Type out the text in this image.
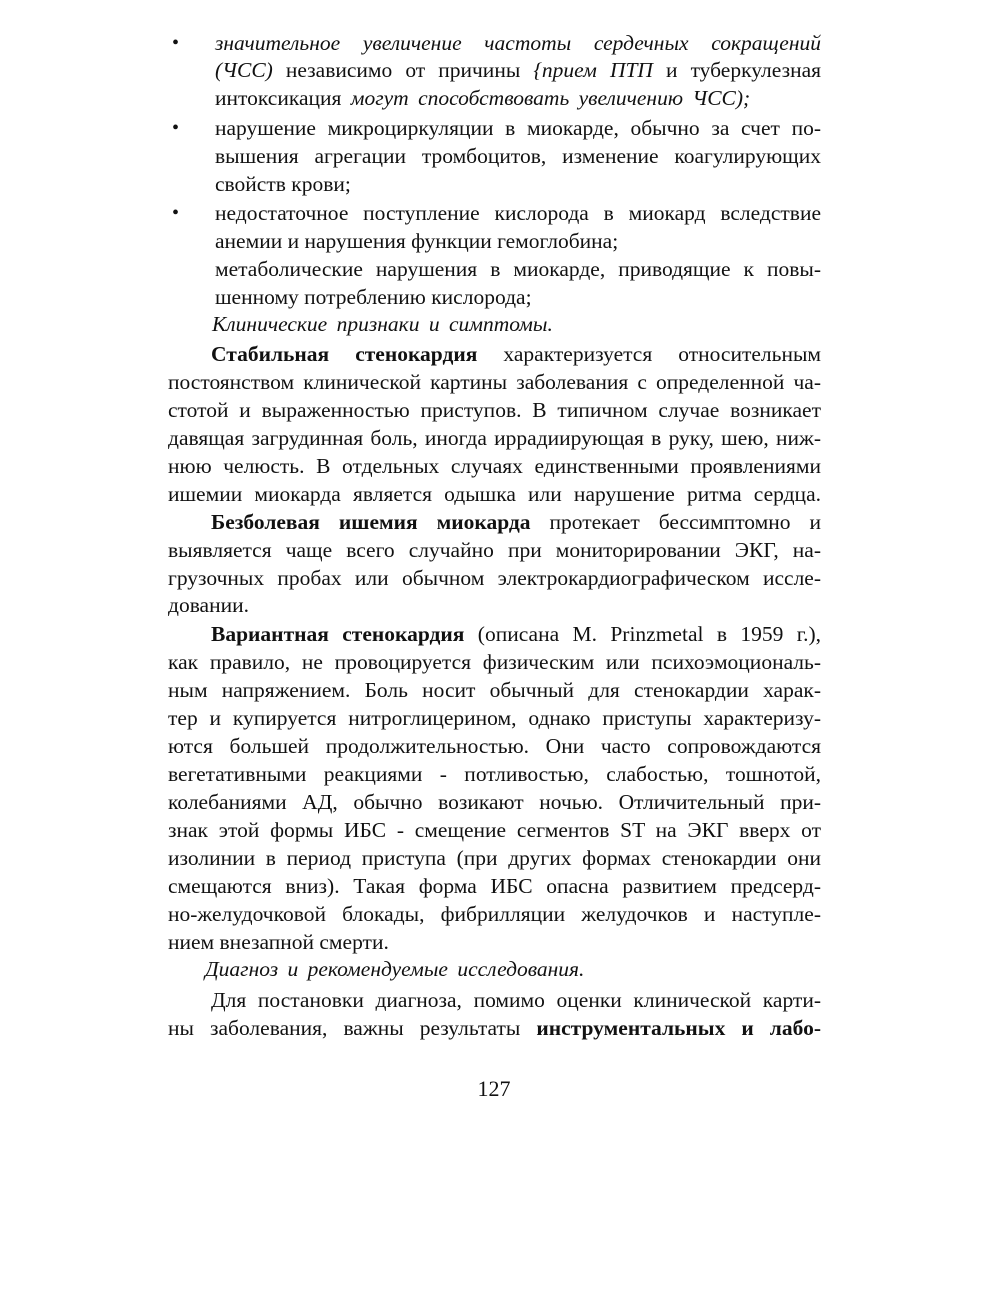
• значительное увеличение частоты сердечных сокращений
(ЧСС) независимо от причины {прием ПТП и туберкулезная
интоксикация могут способствовать увеличению ЧСС);
• нарушение микроциркуляции в миокарде, обычно за счет по-
вышения агрегации тромбоцитов, изменение коагулирующих
свойств крови;
• недостаточное поступление кислорода в миокард вследствие
анемии и нарушения функции гемоглобина;
метаболические нарушения в миокарде, приводящие к повы-
шенному потреблению кислорода;
Клинические признаки и симптомы.
Стабильная стенокардия характеризуется относительным
постоянством клинической картины заболевания с определенной ча-
стотой и выраженностью приступов. В типичном случае возникает
давящая загрудинная боль, иногда иррадиирующая в руку, шею, ниж-
нюю челюсть. В отдельных случаях единственными проявлениями
ишемии миокарда является одышка или нарушение ритма сердца.
Безболевая ишемия миокарда протекает бессимптомно и
выявляется чаще всего случайно при мониторировании ЭКГ, на-
грузочных пробах или обычном электрокардиографическом иссле-
довании.
Вариантная стенокардия (описана M. Prinzmetal в 1959 г.),
как правило, не провоцируется физическим или психоэмоциональ-
ным напряжением. Боль носит обычный для стенокардии харак-
тер и купируется нитроглицерином, однако приступы характеризу-
ются большей продолжительностью. Они часто сопровождаются
вегетативными реакциями - потливостью, слабостью, тошнотой,
колебаниями АД, обычно возикают ночью. Отличительный при-
знак этой формы ИБС - смещение сегментов ST на ЭКГ вверх от
изолинии в период приступа (при других формах стенокардии они
смещаются вниз). Такая форма ИБС опасна развитием предсерд-
но-желудочковой блокады, фибрилляции желудочков и наступле-
нием внезапной смерти.
Диагноз и рекомендуемые исследования.
Для постановки диагноза, помимо оценки клинической карти-
ны заболевания, важны результаты инструментальных и лабо-
127
